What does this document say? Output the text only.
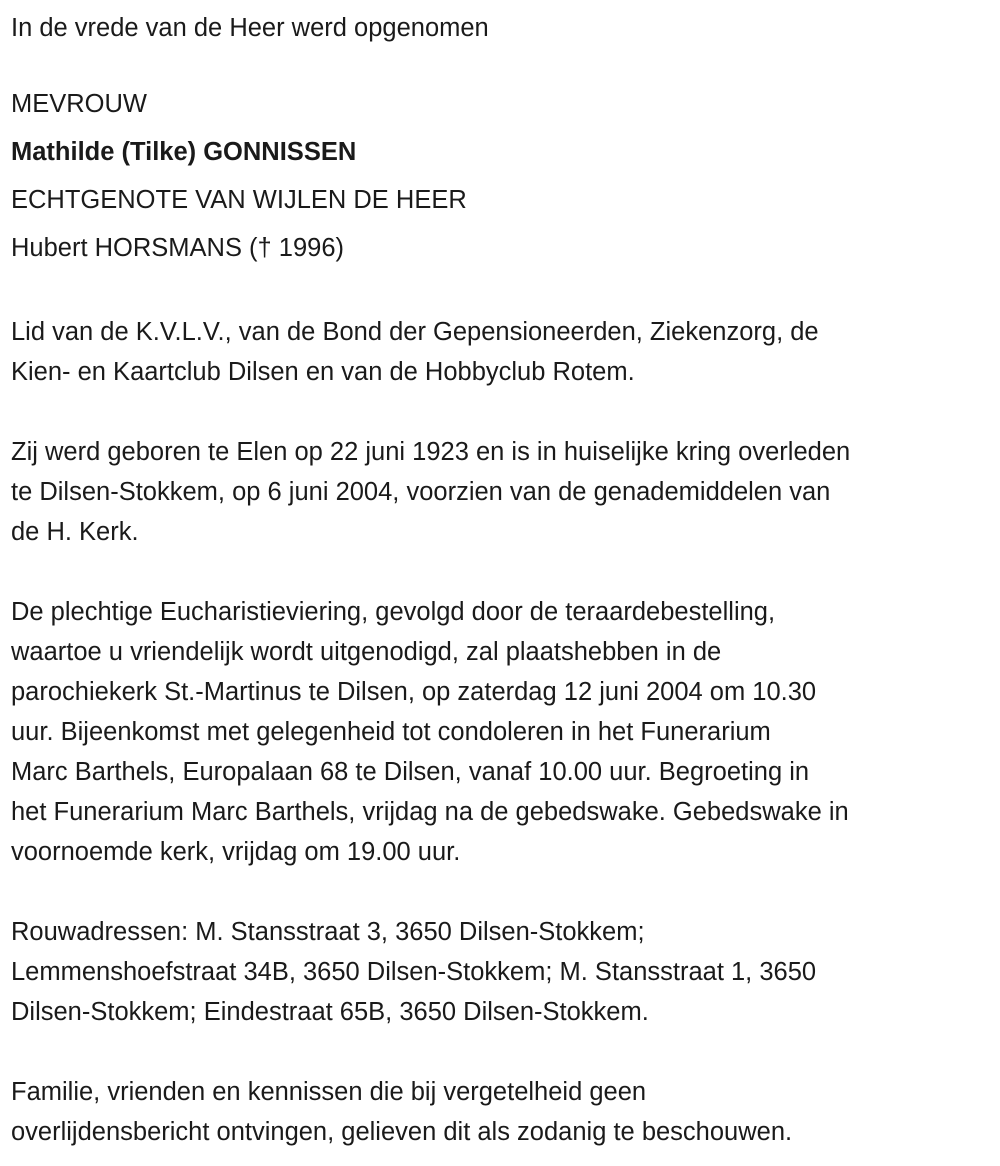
In de vrede van de Heer werd opgenomen
MEVROUW
Mathilde (Tilke) GONNISSEN
ECHTGENOTE VAN WIJLEN DE HEER
Hubert HORSMANS († 1996)
Lid van de K.V.L.V., van de Bond der Gepensioneerden, Ziekenzorg, de
Kien- en Kaartclub Dilsen en van de Hobbyclub Rotem.
Zij werd geboren te Elen op 22 juni 1923 en is in huiselijke kring overleden
te Dilsen-Stokkem, op 6 juni 2004, voorzien van de genademiddelen van
de H. Kerk.
De plechtige Eucharistieviering, gevolgd door de teraardebestelling,
waartoe u vriendelijk wordt uitgenodigd, zal plaatshebben in de
parochiekerk St.-Martinus te Dilsen, op zaterdag 12 juni 2004 om 10.30
uur. Bijeenkomst met gelegenheid tot condoleren in het Funerarium
Marc Barthels, Europalaan 68 te Dilsen, vanaf 10.00 uur. Begroeting in
het Funerarium Marc Barthels, vrijdag na de gebedswake. Gebedswake in
voornoemde kerk, vrijdag om 19.00 uur.
Rouwadressen: M. Stansstraat 3, 3650 Dilsen-Stokkem;
Lemmenshoefstraat 34B, 3650 Dilsen-Stokkem; M. Stansstraat 1, 3650
Dilsen-Stokkem; Eindestraat 65B, 3650 Dilsen-Stokkem.
Familie, vrienden en kennissen die bij vergetelheid geen
overlijdensbericht ontvingen, gelieven dit als zodanig te beschouwen.
